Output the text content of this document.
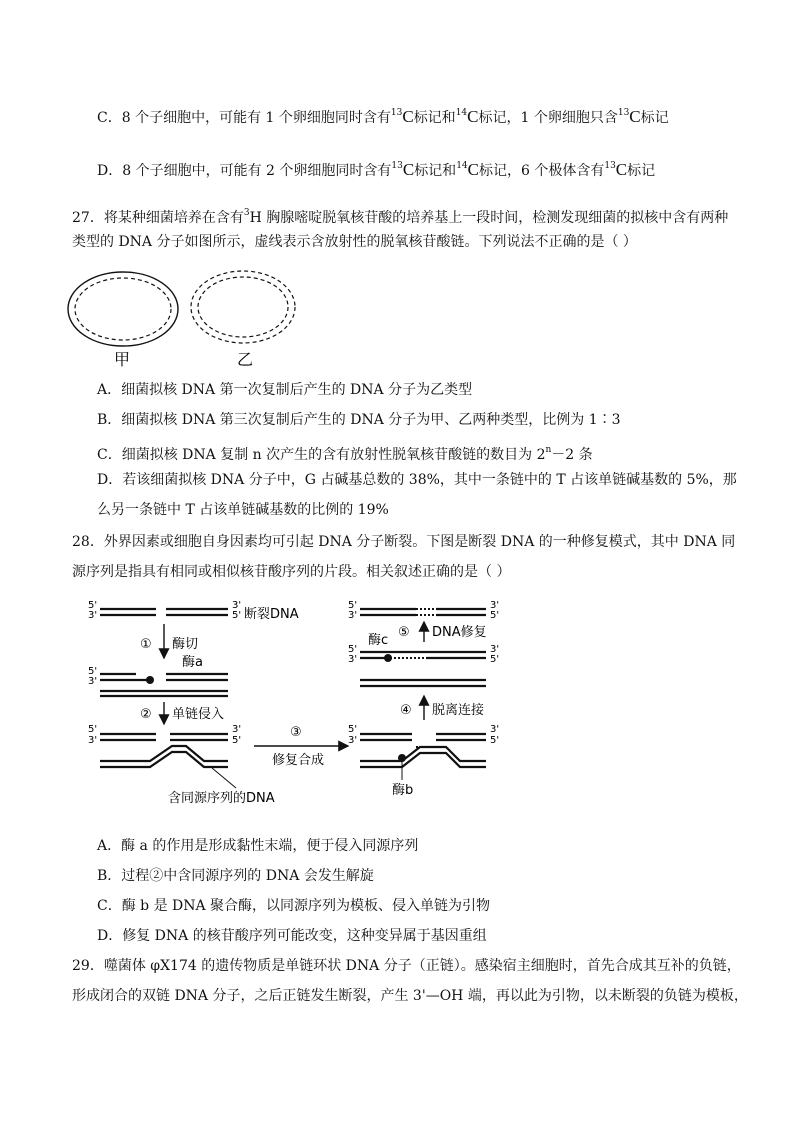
C．8 个子细胞中，可能有 1 个卵细胞同时含有$^{13}$C标记和$^{14}$C标记，1 个卵细胞只含$^{13}$C标记
D．8 个子细胞中，可能有 2 个卵细胞同时含有$^{13}$C标记和$^{14}$C标记，6 个极体含有$^{13}$C标记
27．将某种细菌培养在含有$^3$H 胸腺嘧啶脱氧核苷酸的培养基上一段时间，检测发现细菌的拟核中含有两种
类型的 DNA 分子如图所示，虚线表示含放射性的脱氧核苷酸链。下列说法不正确的是（ ）
甲	乙
A．细菌拟核 DNA 第一次复制后产生的 DNA 分子为乙类型
B．细菌拟核 DNA 第三次复制后产生的 DNA 分子为甲、乙两种类型，比例为 1∶3
C．细菌拟核 DNA 复制 n 次产生的含有放射性脱氧核苷酸链的数目为 $2^n-2$ 条
D．若该细菌拟核 DNA 分子中，G 占碱基总数的 38%，其中一条链中的 T 占该单链碱基数的 5%，那
么另一条链中 T 占该单链碱基数的比例的 19%
28．外界因素或细胞自身因素均可引起 DNA 分子断裂。下图是断裂 DNA 的一种修复模式，其中 DNA 同
源序列是指具有相同或相似核苷酸序列的片段。相关叙述正确的是（ ）
5'
3'
3'
5'
5'
3'
5'
3'
3'
5'
5'
3'
3'
5'
5'
3'
3'
5'
5'
3'
3'
5'
断裂DNA
① 酶切
酶a
② 单链侵入
③
修复合成
含同源序列的DNA
酶b
④ 脱离连接
酶c
⑤ DNA修复
A．酶 a 的作用是形成黏性末端，便于侵入同源序列
B．过程②中含同源序列的 DNA 会发生解旋
C．酶 b 是 DNA 聚合酶，以同源序列为模板、侵入单链为引物
D．修复 DNA 的核苷酸序列可能改变，这种变异属于基因重组
29．噬菌体 φX174 的遗传物质是单链环状 DNA 分子（正链）。感染宿主细胞时，首先合成其互补的负链，
形成闭合的双链 DNA 分子，之后正链发生断裂，产生 3'—OH 端，再以此为引物，以未断裂的负链为模板，
